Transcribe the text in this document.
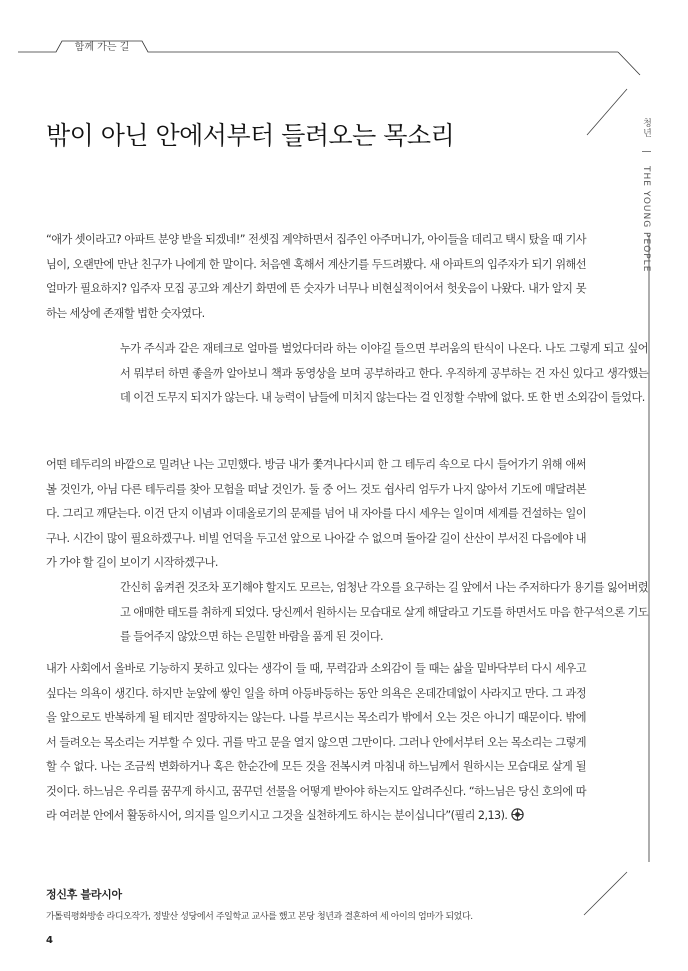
함께 가는 길
청년 | THE YOUNG PEOPLE
밖이 아닌 안에서부터 들려오는 목소리

“애가 셋이라고? 아파트 분양 받을 되겠네!” 전셋집 계약하면서 집주인 아주머니가, 아이들을 데리고 택시 탔을 때 기사님이, 오랜만에 만난 친구가 나에게 한 말이다. 처음엔 혹해서 계산기를 두드려봤다. 새 아파트의 입주자가 되기 위해선 얼마가 필요하지? 입주자 모집 공고와 계산기 화면에 뜬 숫자가 너무나 비현실적이어서 헛웃음이 나왔다. 내가 알지 못하는 세상에 존재할 법한 숫자였다.

누가 주식과 같은 재테크로 얼마를 벌었다더라 하는 이야길 들으면 부러움의 탄식이 나온다. 나도 그렇게 되고 싶어서 뭐부터 하면 좋을까 알아보니 책과 동영상을 보며 공부하라고 한다. 우직하게 공부하는 건 자신 있다고 생각했는데 이건 도무지 되지가 않는다. 내 능력이 남들에 미치지 않는다는 걸 인정할 수밖에 없다. 또 한 번 소외감이 들었다.

어떤 테두리의 바깥으로 밀려난 나는 고민했다. 방금 내가 쫓겨나다시피 한 그 테두리 속으로 다시 들어가기 위해 애써볼 것인가, 아님 다른 테두리를 찾아 모험을 떠날 것인가. 둘 중 어느 것도 쉽사리 엄두가 나지 않아서 기도에 매달려본다. 그리고 깨닫는다. 이건 단지 이념과 이데올로기의 문제를 넘어 내 자아를 다시 세우는 일이며 세계를 건설하는 일이구나. 시간이 많이 필요하겠구나. 비빌 언덕을 두고선 앞으로 나아갈 수 없으며 돌아갈 길이 산산이 부서진 다음에야 내가 가야 할 길이 보이기 시작하겠구나.

간신히 움켜쥔 것조차 포기해야 할지도 모르는, 엄청난 각오를 요구하는 길 앞에서 나는 주저하다가 용기를 잃어버렸고 애매한 태도를 취하게 되었다. 당신께서 원하시는 모습대로 살게 해달라고 기도를 하면서도 마음 한구석으론 기도를 들어주지 않았으면 하는 은밀한 바람을 품게 된 것이다.

내가 사회에서 올바로 기능하지 못하고 있다는 생각이 들 때, 무력감과 소외감이 들 때는 삶을 밑바닥부터 다시 세우고 싶다는 의욕이 생긴다. 하지만 눈앞에 쌓인 일을 하며 아등바등하는 동안 의욕은 온데간데없이 사라지고 만다. 그 과정을 앞으로도 반복하게 될 테지만 절망하지는 않는다. 나를 부르시는 목소리가 밖에서 오는 것은 아니기 때문이다. 밖에서 들려오는 목소리는 거부할 수 있다. 귀를 막고 문을 열지 않으면 그만이다. 그러나 안에서부터 오는 목소리는 그렇게 할 수 없다. 나는 조금씩 변화하거나 혹은 한순간에 모든 것을 전복시켜 마침내 하느님께서 원하시는 모습대로 살게 될 것이다. 하느님은 우리를 꿈꾸게 하시고, 꿈꾸던 선물을 어떻게 받아야 하는지도 알려주신다. “하느님은 당신 호의에 따라 여러분 안에서 활동하시어, 의지를 일으키시고 그것을 실천하게도 하시는 분이십니다”(필리 2,13).

정신후 블라시아
가톨릭평화방송 라디오작가, 정발산 성당에서 주일학교 교사를 했고 본당 청년과 결혼하여 세 아이의 엄마가 되었다.
4
